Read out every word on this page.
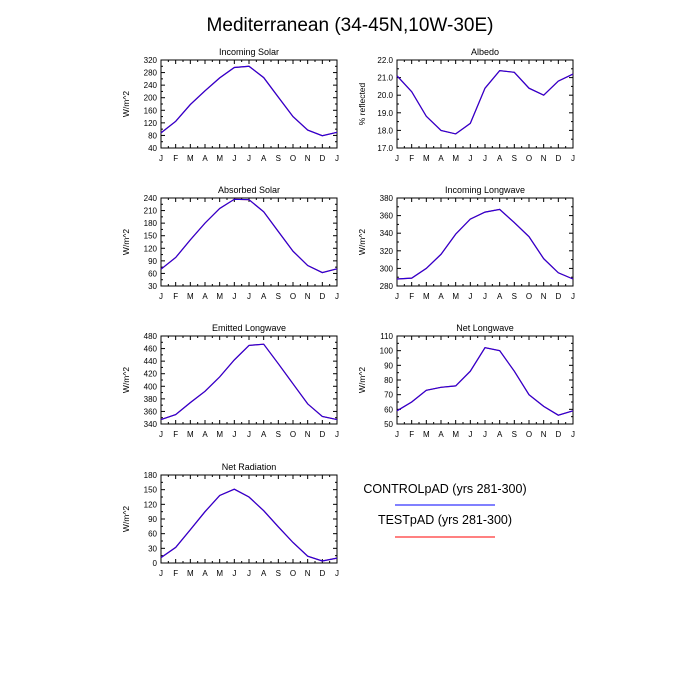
Mediterranean (34-45N,10W-30E)
Incoming Solar
J F M A M J J A S O N D J
40
80
120
160
200
240
280
320
W/m^2
Albedo
J F M A M J J A S O N D J
17.0
18.0
19.0
20.0
21.0
22.0
% reflected
Absorbed Solar
J F M A M J J A S O N D J
30
60
90
120
150
180
210
240
W/m^2
Incoming Longwave
J F M A M J J A S O N D J
280
300
320
340
360
380
W/m^2
Emitted Longwave
J F M A M J J A S O N D J
340
360
380
400
420
440
460
480
W/m^2
Net Longwave
J F M A M J J A S O N D J
50
60
70
80
90
100
110
W/m^2
Net Radiation
J F M A M J J A S O N D J
0
30
60
90
120
150
180
W/m^2
CONTROLpAD (yrs 281-300)
TESTpAD (yrs 281-300)
